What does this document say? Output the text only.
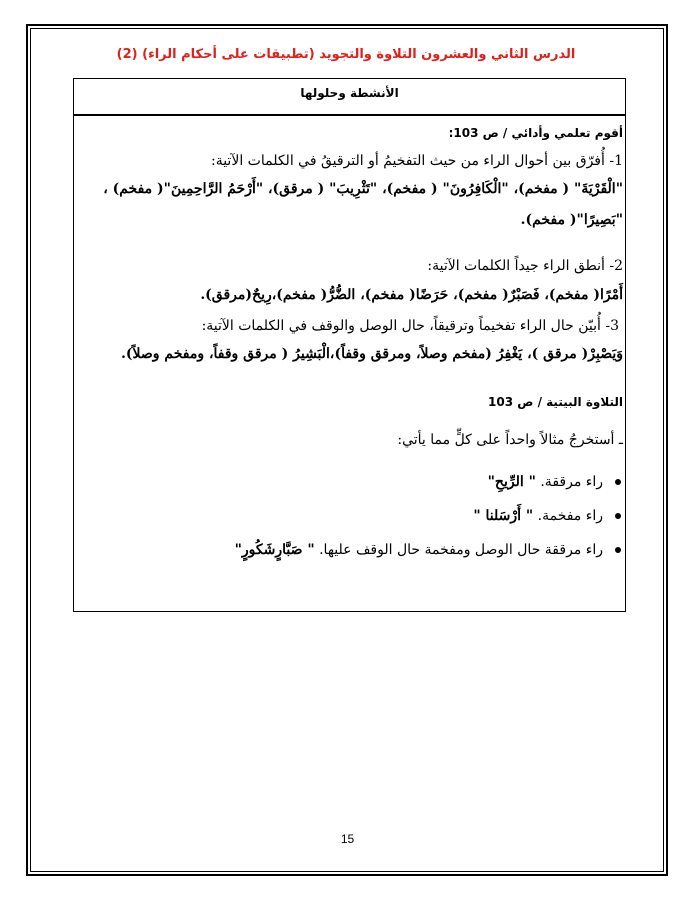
الدرس الثاني والعشرون التلاوة والتجويد (تطبيقات على أحكام الراء) (2)
الأنشطة وحلولها
أقوم تعلمي وأدائي / ص 103:
1- أُفرّق بين أحوال الراء من حيث التفخيمُ أو الترقيقُ في الكلمات الآتية:
"الْقَرْيَةَ" ( مفخم)، "الْكَافِرُونَ" ( مفخم)، "تَثْرِيبَ" ( مرقق)، "أَرْحَمُ الرَّاحِمِينَ"( مفخم) ،
"بَصِيرًا"( مفخم).
2- أنطق الراء جيداً الكلمات الآتية:
أَمْرًا( مفخم)، فَصَبْرٌ( مفخم)، حَرَضًا( مفخم)، الضُّرُّ( مفخم)،رِيحٌ(مرقق).
3- أُبيّن حال الراء تفخيماً وترقيقاً، حال الوصل والوقف في الكلمات الآتية:
وَيَصْبِرْ( مرقق )، يَغْفِرُ (مفخم وصلاً، ومرقق وقفاً)،الْبَشِيرُ ( مرقق وقفاً، ومفخم وصلاً).
التلاوة البيتية / ص 103
ـ أستخرجُ مثالاً واحداً على كلٍّ مما يأتي:
راء مرققة. " الرِّيحِ"
راء مفخمة. " أَرْسَلنا "
راء مرققة حال الوصل ومفخمة حال الوقف عليها. " صَبَّارٍشَكُورٍ"
15
